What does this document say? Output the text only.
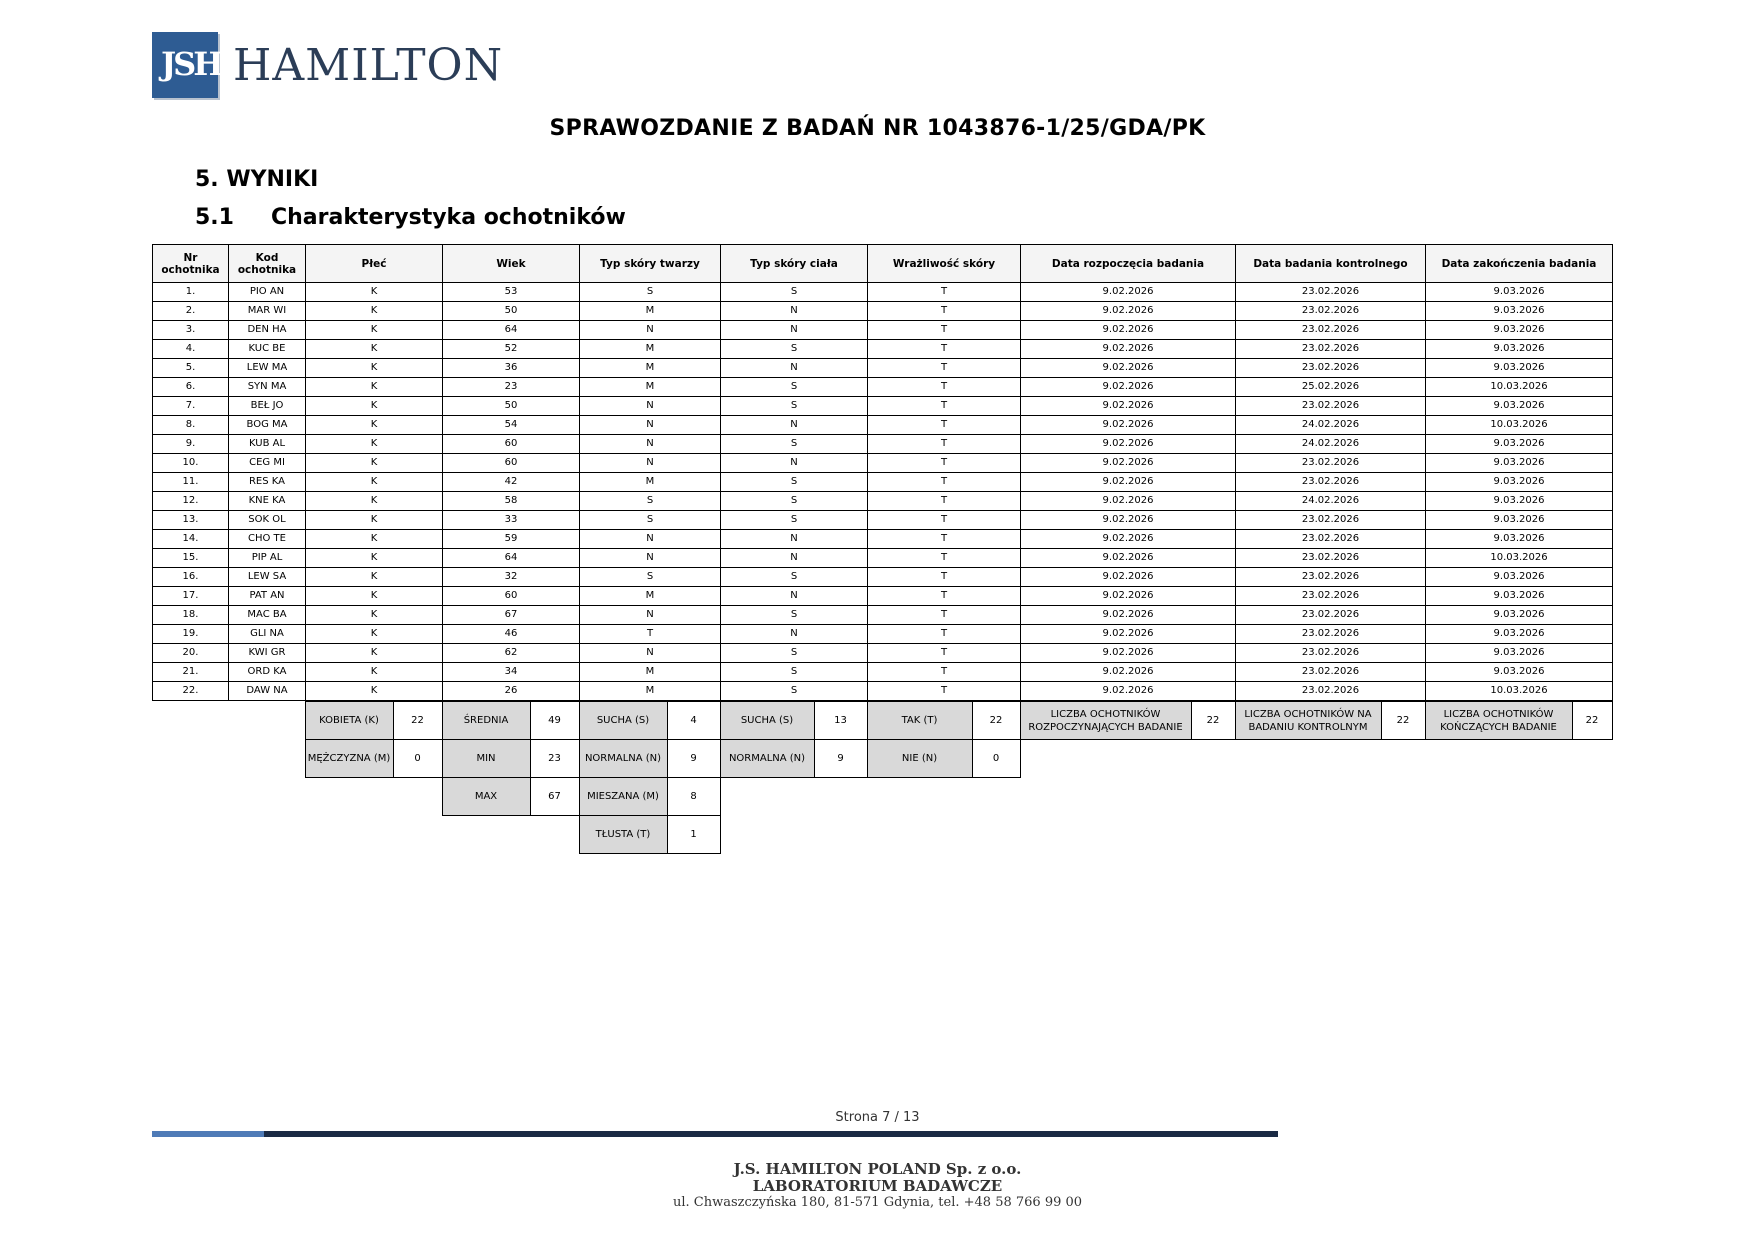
JSH HAMILTON
SPRAWOZDANIE Z BADAŃ NR 1043876-1/25/GDA/PK
5. WYNIKI
5.1 Charakterystyka ochotników
Nr ochotnika	Kod ochotnika	Płeć	Wiek	Typ skóry twarzy	Typ skóry ciała	Wrażliwość skóry	Data rozpoczęcia badania	Data badania kontrolnego	Data zakończenia badania
1.	PIO AN	K	53	S	S	T	9.02.2026	23.02.2026	9.03.2026
2.	MAR WI	K	50	M	N	T	9.02.2026	23.02.2026	9.03.2026
3.	DEN HA	K	64	N	N	T	9.02.2026	23.02.2026	9.03.2026
4.	KUC BE	K	52	M	S	T	9.02.2026	23.02.2026	9.03.2026
5.	LEW MA	K	36	M	N	T	9.02.2026	23.02.2026	9.03.2026
6.	SYN MA	K	23	M	S	T	9.02.2026	25.02.2026	10.03.2026
7.	BEŁ JO	K	50	N	S	T	9.02.2026	23.02.2026	9.03.2026
8.	BOG MA	K	54	N	N	T	9.02.2026	24.02.2026	10.03.2026
9.	KUB AL	K	60	N	S	T	9.02.2026	24.02.2026	9.03.2026
10.	CEG MI	K	60	N	N	T	9.02.2026	23.02.2026	9.03.2026
11.	RES KA	K	42	M	S	T	9.02.2026	23.02.2026	9.03.2026
12.	KNE KA	K	58	S	S	T	9.02.2026	24.02.2026	9.03.2026
13.	SOK OL	K	33	S	S	T	9.02.2026	23.02.2026	9.03.2026
14.	CHO TE	K	59	N	N	T	9.02.2026	23.02.2026	9.03.2026
15.	PIP AL	K	64	N	N	T	9.02.2026	23.02.2026	10.03.2026
16.	LEW SA	K	32	S	S	T	9.02.2026	23.02.2026	9.03.2026
17.	PAT AN	K	60	M	N	T	9.02.2026	23.02.2026	9.03.2026
18.	MAC BA	K	67	N	S	T	9.02.2026	23.02.2026	9.03.2026
19.	GLI NA	K	46	T	N	T	9.02.2026	23.02.2026	9.03.2026
20.	KWI GR	K	62	N	S	T	9.02.2026	23.02.2026	9.03.2026
21.	ORD KA	K	34	M	S	T	9.02.2026	23.02.2026	9.03.2026
22.	DAW NA	K	26	M	S	T	9.02.2026	23.02.2026	10.03.2026
		KOBIETA (K)	22	ŚREDNIA	49	SUCHA (S)	4	SUCHA (S)	13	TAK (T)	22	LICZBA OCHOTNIKÓW ROZPOCZYNAJĄCYCH BADANIE	22	LICZBA OCHOTNIKÓW NA BADANIU KONTROLNYM	22	LICZBA OCHOTNIKÓW KOŃCZĄCYCH BADANIE	22
		MĘŻCZYZNA (M)	0	MIN	23	NORMALNA (N)	9	NORMALNA (N)	9	NIE (N)	0						
				MAX	67	MIESZANA (M)	8										
						TŁUSTA (T)	1										
Strona 7 / 13
J.S. HAMILTON POLAND Sp. z o.o.
LABORATORIUM BADAWCZE
ul. Chwaszczyńska 180, 81-571 Gdynia, tel. +48 58 766 99 00
